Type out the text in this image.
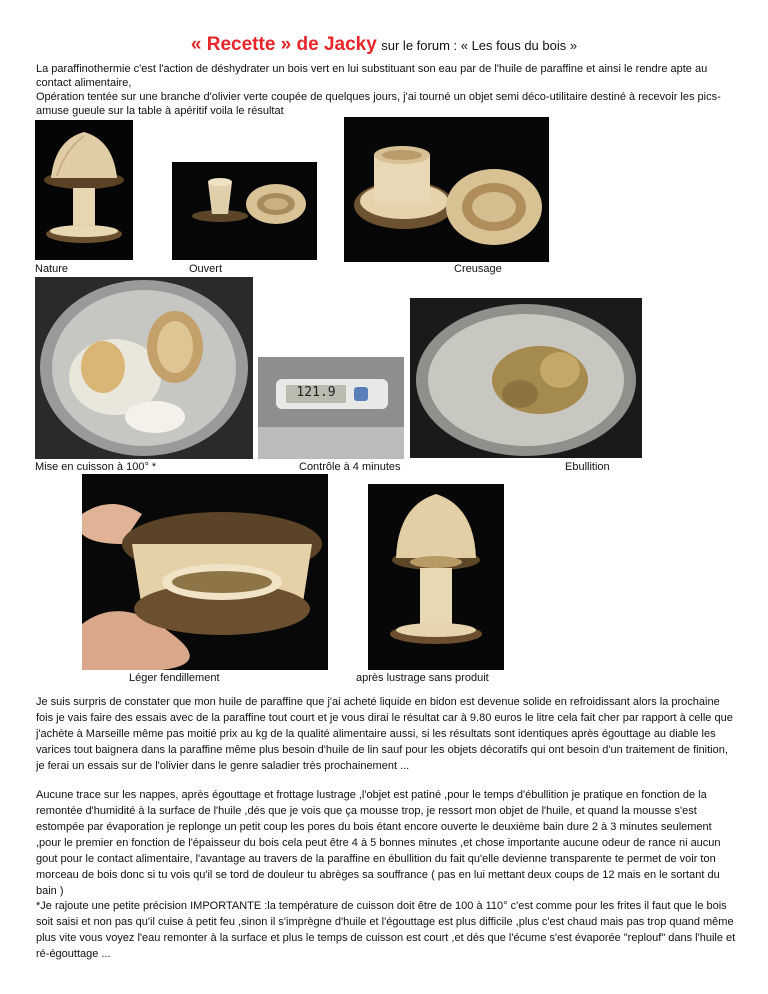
« Recette » de Jacky sur le forum : « Les fous du bois »
La paraffinothermie c'est l'action de déshydrater un bois vert en lui substituant son eau par de l'huile de paraffine et ainsi le rendre apte au contact alimentaire,
Opération tentée sur une branche d'olivier verte coupée de quelques jours, j'ai tourné un objet semi déco-utilitaire destiné à recevoir les pics-amuse gueule sur la table à apéritif voila le résultat
Nature	Ouvert	Creusage
121.9
Mise en cuisson à 100° *	Contrôle à 4 minutes	Ebullition
Léger fendillement	après lustrage sans produit

Je suis surpris de constater que mon huile de paraffine que j'ai acheté liquide en bidon est devenue solide en refroidissant alors la prochaine fois je vais faire des essais avec de la paraffine tout court et je vous dirai le résultat car à 9.80 euros le litre cela fait cher par rapport à celle que j'achète à Marseille même pas moitié prix au kg de la qualité alimentaire aussi, si les résultats sont identiques après égouttage au diable les varices tout baignera dans la paraffine même plus besoin d'huile de lin sauf pour les objets décoratifs qui ont besoin d'un traitement de finition, je ferai un essais sur de l'olivier dans le genre saladier très prochainement ...

Aucune trace sur les nappes, après égouttage et frottage lustrage ,l'objet est patiné ,pour le temps d'ébullition je pratique en fonction de la remontée d'humidité à la surface de l'huile ,dés que je vois que ça mousse trop, je ressort mon objet de l'huile, et quand la mousse s'est estompée par évaporation je replonge un petit coup les pores du bois étant encore ouverte le deuxième bain dure 2 à 3 minutes seulement ,pour le premier en fonction de l'épaisseur du bois cela peut être 4 à 5 bonnes minutes ,et chose importante aucune odeur de rance ni aucun gout pour le contact alimentaire, l'avantage au travers de la paraffine en ébullition du fait qu'elle devienne transparente te permet de voir ton morceau de bois donc si tu vois qu'il se tord de douleur tu abrèges sa souffrance ( pas en lui mettant deux coups de 12 mais en le sortant du bain )

*Je rajoute une petite précision IMPORTANTE :la température de cuisson doit être de 100 à 110° c'est comme pour les frites il faut que le bois soit saisi et non pas qu'il cuise à petit feu ,sinon il s'imprègne d'huile et l'égouttage est plus difficile ,plus c'est chaud mais pas trop quand même plus vite vous voyez l'eau remonter à la surface et plus le temps de cuisson est court ,et dés que l'écume s'est évaporée "replouf" dans l'huile et ré-égouttage ...
